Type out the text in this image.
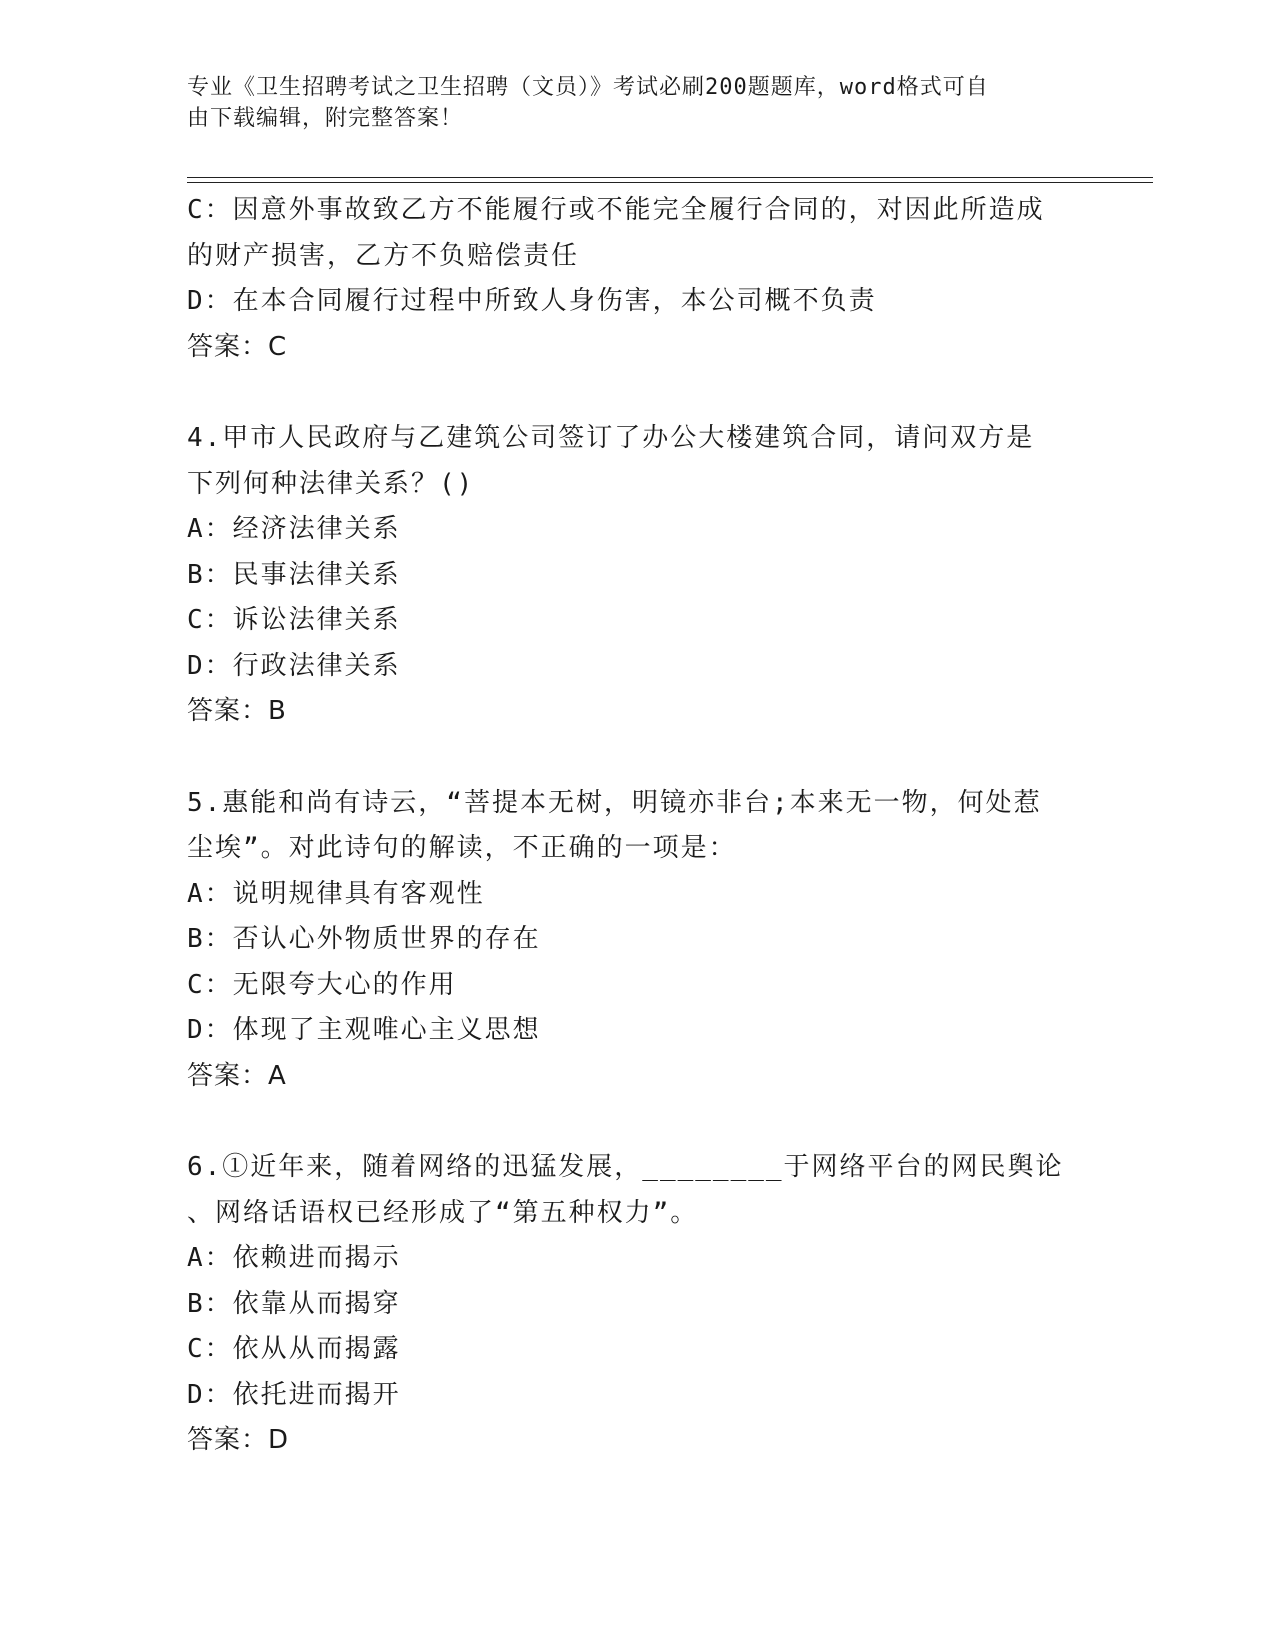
专业《卫生招聘考试之卫生招聘（文员）》考试必刷200题题库，word格式可自
由下载编辑，附完整答案！
C：因意外事故致乙方不能履行或不能完全履行合同的，对因此所造成
的财产损害，乙方不负赔偿责任
D：在本合同履行过程中所致人身伤害，本公司概不负责
答案：C
4.甲市人民政府与乙建筑公司签订了办公大楼建筑合同，请问双方是
下列何种法律关系？()
A：经济法律关系
B：民事法律关系
C：诉讼法律关系
D：行政法律关系
答案：B
5.惠能和尚有诗云，“菩提本无树，明镜亦非台;本来无一物，何处惹
尘埃”。对此诗句的解读，不正确的一项是：
A：说明规律具有客观性
B：否认心外物质世界的存在
C：无限夸大心的作用
D：体现了主观唯心主义思想
答案：A
6.①近年来，随着网络的迅猛发展，________于网络平台的网民舆论
、网络话语权已经形成了“第五种权力”。
A：依赖进而揭示
B：依靠从而揭穿
C：依从从而揭露
D：依托进而揭开
答案：D
